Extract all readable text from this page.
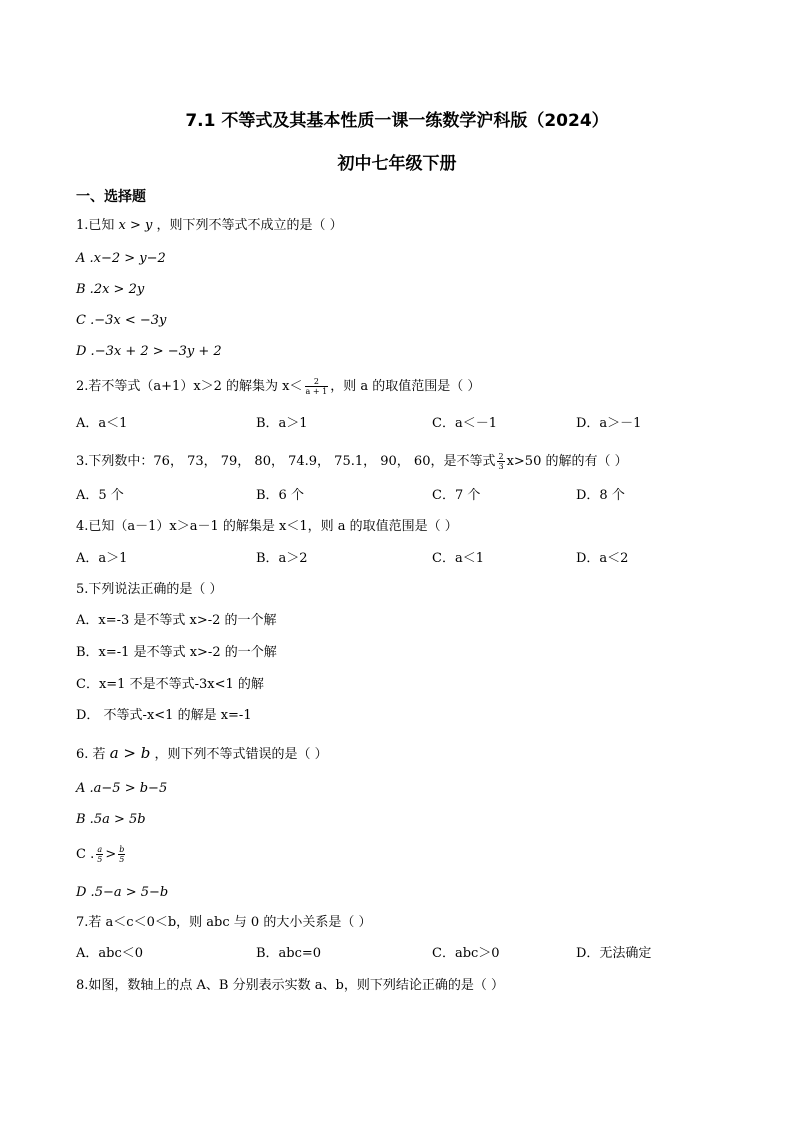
7.1 不等式及其基本性质一课一练数学沪科版（2024）
初中七年级下册
一、选择题
1.已知 x > y ，则下列不等式不成立的是（ ）
A .x−2 > y−2
B .2x > 2y
C .−3x < −3y
D .−3x + 2 > −3y + 2
2.若不等式（a+1）x＞2 的解集为 $x< \frac{2}{a + 1}$ ，则 a 的取值范围是（ ）
A．a＜1	B．a＞1	C．a＜－1	D．a＞－1
3.下列数中：76， 73， 79， 80， 74.9， 75.1， 90， 60，是不等式 $\frac{2}{3} x>50$ 的解的有（ ）
A．5 个	B．6 个	C．7 个	D．8 个
4.已知（a－1）x＞a－1 的解集是 x＜1，则 a 的取值范围是（ ）
A．a＞1	B．a＞2	C．a＜1	D．a＜2
5.下列说法正确的是（ ）
A．x=-3 是不等式 x>-2 的一个解
B．x=-1 是不等式 x>-2 的一个解
C．x=1 不是不等式-3x<1 的解
D． 不等式-x<1 的解是 x=-1
6. 若 a > b ，则下列不等式错误的是（ ）
A .a−5 > b−5
B .5a > 5b
C . $\frac{a}{5} > \frac{b}{5}$
D .5−a > 5−b
7.若 a＜c＜0＜b，则 abc 与 0 的大小关系是（ ）
A．abc＜0	B．abc=0	C．abc＞0	D．无法确定
8.如图，数轴上的点 A、B 分别表示实数 a、b，则下列结论正确的是（ ）
